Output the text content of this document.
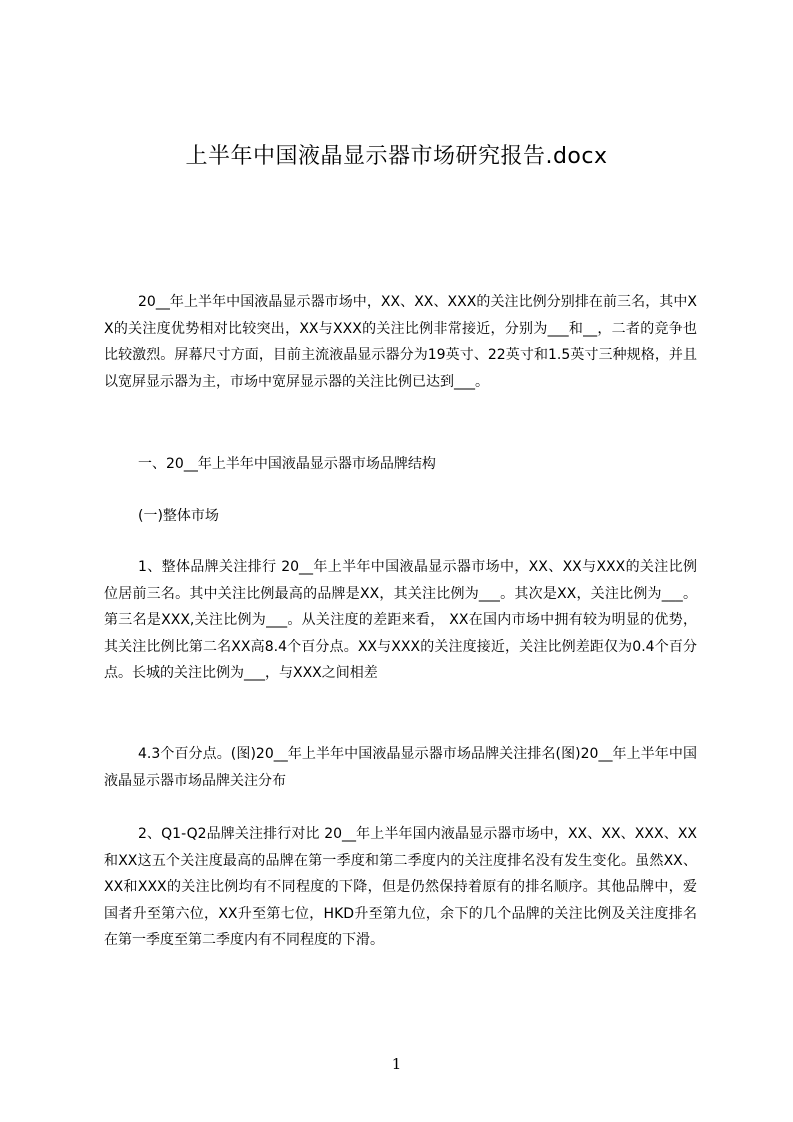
上半年中国液晶显示器市场研究报告.docx
20__年上半年中国液晶显示器市场中，XX、XX、XXX的关注比例分别排在前三名，其中XX的关注度优势相对比较突出，XX与XXX的关注比例非常接近，分别为___和__，二者的竞争也比较激烈。屏幕尺寸方面，目前主流液晶显示器分为19英寸、22英寸和1.5英寸三种规格，并且以宽屏显示器为主，市场中宽屏显示器的关注比例已达到___。
一、20__年上半年中国液晶显示器市场品牌结构
(一)整体市场
1、整体品牌关注排行 20__年上半年中国液晶显示器市场中，XX、XX与XXX的关注比例位居前三名。其中关注比例最高的品牌是XX，其关注比例为___。其次是XX，关注比例为___。第三名是XXX,关注比例为___。从关注度的差距来看， XX在国内市场中拥有较为明显的优势，其关注比例比第二名XX高8.4个百分点。XX与XXX的关注度接近，关注比例差距仅为0.4个百分点。长城的关注比例为___，与XXX之间相差
4.3个百分点。(图)20__年上半年中国液晶显示器市场品牌关注排名(图)20__年上半年中国液晶显示器市场品牌关注分布
2、Q1-Q2品牌关注排行对比 20__年上半年国内液晶显示器市场中，XX、XX、XXX、XX和XX这五个关注度最高的品牌在第一季度和第二季度内的关注度排名没有发生变化。虽然XX、XX和XXX的关注比例均有不同程度的下降，但是仍然保持着原有的排名顺序。其他品牌中，爱国者升至第六位，XX升至第七位，HKD升至第九位，余下的几个品牌的关注比例及关注度排名在第一季度至第二季度内有不同程度的下滑。
1
